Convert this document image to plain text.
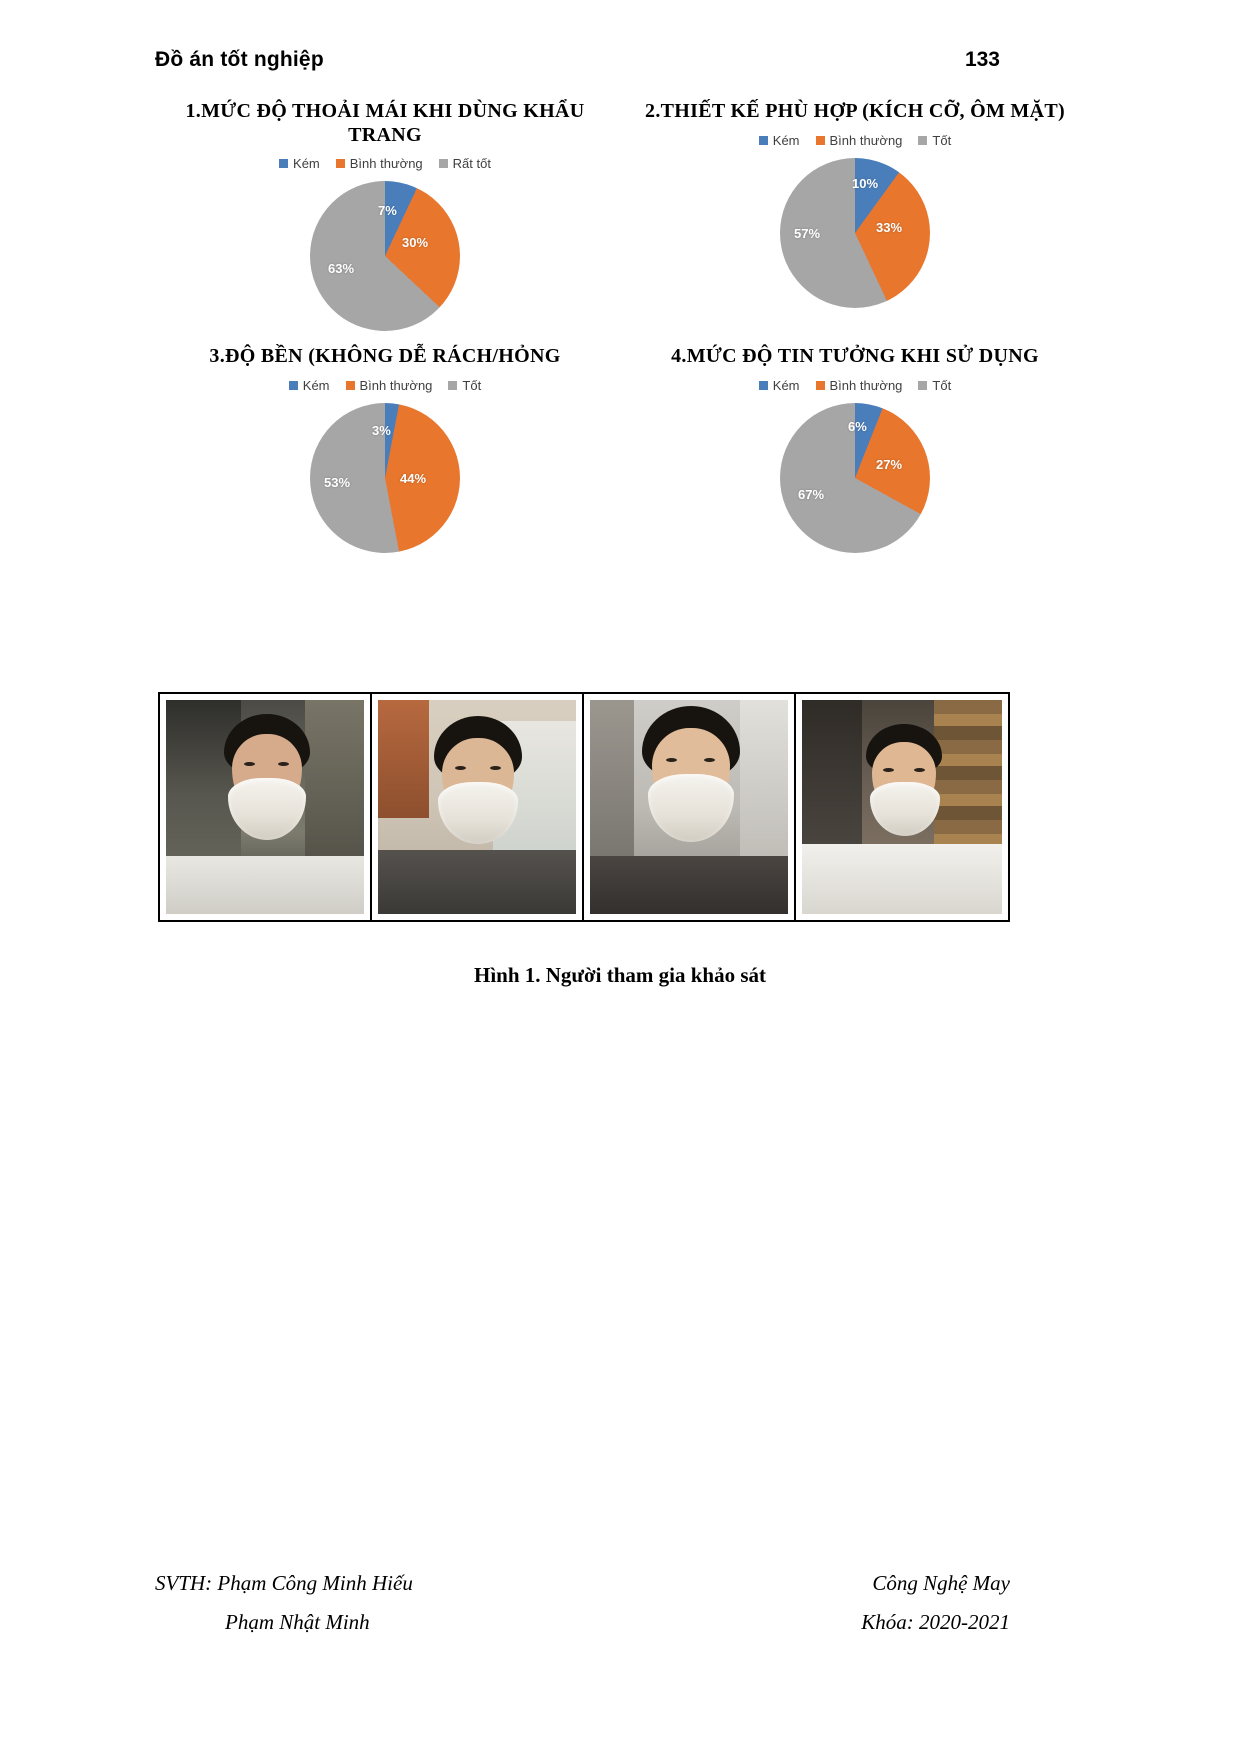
Đồ án tốt nghiệp	133
1.MỨC ĐỘ THOẢI MÁI KHI DÙNG KHẨU TRANG
Kém Bình thường Rất tốt
7%
30%
63%
2.THIẾT KẾ PHÙ HỢP (KÍCH CỠ, ÔM MẶT)
Kém Bình thường Tốt
10%
33%
57%
3.ĐỘ BỀN (KHÔNG DỄ RÁCH/HỎNG
Kém Bình thường Tốt
3%
44%
53%
4.MỨC ĐỘ TIN TƯỞNG KHI SỬ DỤNG
Kém Bình thường Tốt
6%
27%
67%
Hình 1. Người tham gia khảo sát
SVTH: Phạm Công Minh Hiếu	Công Nghệ May
Phạm Nhật Minh	Khóa: 2020-2021
